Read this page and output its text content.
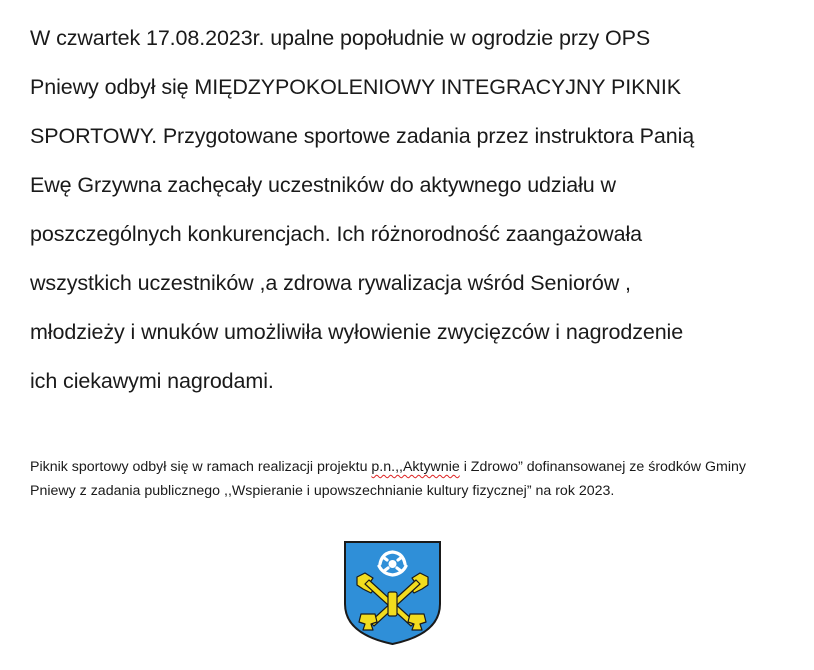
W czwartek 17.08.2023r. upalne popołudnie w ogrodzie przy OPS
Pniewy odbył się MIĘDZYPOKOLENIOWY INTEGRACYJNY PIKNIK
SPORTOWY. Przygotowane sportowe zadania przez instruktora Panią
Ewę Grzywna zachęcały uczestników do aktywnego udziału w
poszczególnych konkurencjach. Ich różnorodność zaangażowała
wszystkich uczestników ,a zdrowa rywalizacja wśród Seniorów ,
młodzieży i wnuków umożliwiła wyłowienie zwycięzców i nagrodzenie
ich ciekawymi nagrodami.

Piknik sportowy odbył się w ramach realizacji projektu p.n.,,Aktywnie i Zdrowo” dofinansowanej ze środków Gminy Pniewy z zadania publicznego ,,Wspieranie i upowszechnianie kultury fizycznej” na rok 2023.
